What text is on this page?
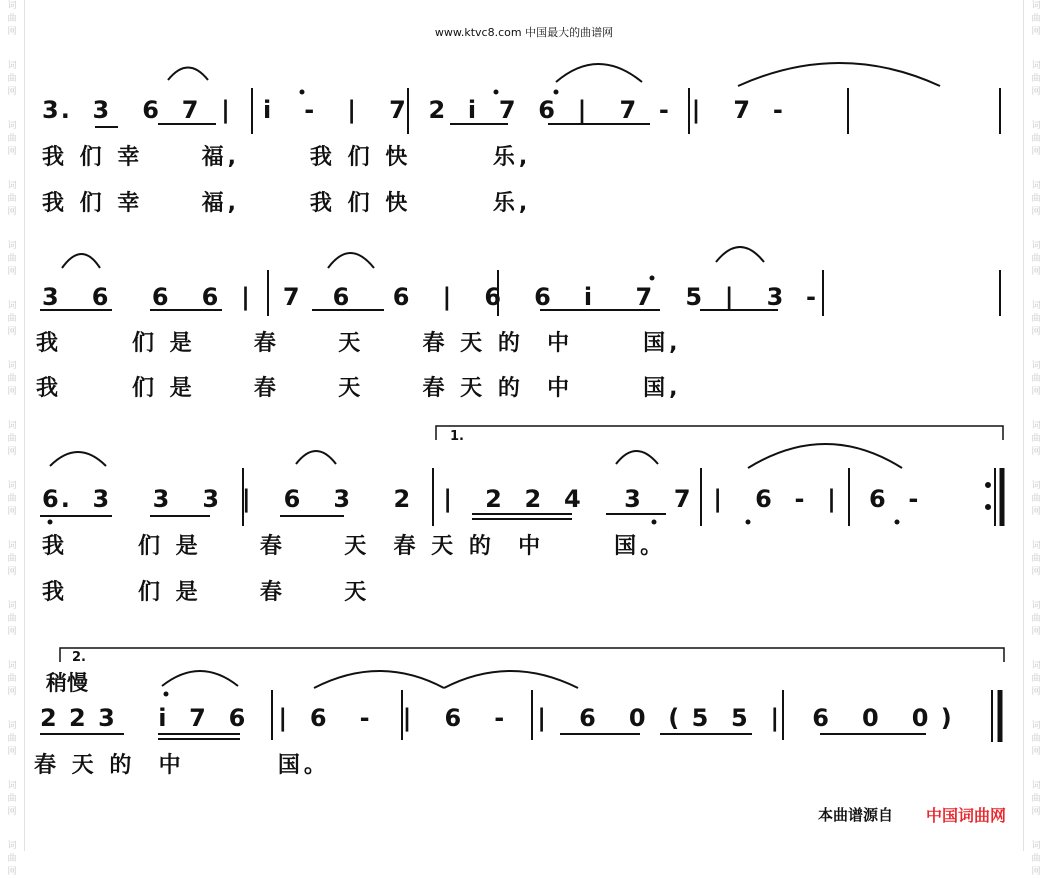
词
曲
网
词
曲
网
词
曲
网
词
曲
网
词
曲
网
词
曲
网
词
曲
网
词
曲
网
词
曲
网
词
曲
网
词
曲
网
词
曲
网
词
曲
网
词
曲
网
词
曲
网
词
曲
网
词
曲
网
词
曲
网
词
曲
网
词
曲
网
词
曲
网
词
曲
网
词
曲
网
词
曲
网
词
曲
网
词
曲
网
词
曲
网
词
曲
网
词
曲
网
词
曲
网
www.ktvc8.com 中国最大的曲谱网
3.  3   6  7  |   i   -   |   7  2  i  7  6  |   7  -  |   7  -
我 们 幸     福,      我 们 快       乐,
我 们 幸     福,      我 们 快       乐,
3   6    6   6  |   7   6    6   |   6   6   i    7   5  |   3  -
我      们 是     春     天     春 天 的  中      国,
我      们 是     春     天     春 天 的  中      国,
1.
6.  3    3   3  |   6   3    2   |   2  2  4    3   7  |   6  -  |   6  -
我      们 是     春     天  春 天 的  中      国。
我      们 是     春     天
2.
稍慢
2 2 3    i  7  6   |  6   -   |   6   -   |   6   0  ( 5  5  |   6   0   0 )
春 天 的  中        国。
本曲谱源自 中国词曲网
